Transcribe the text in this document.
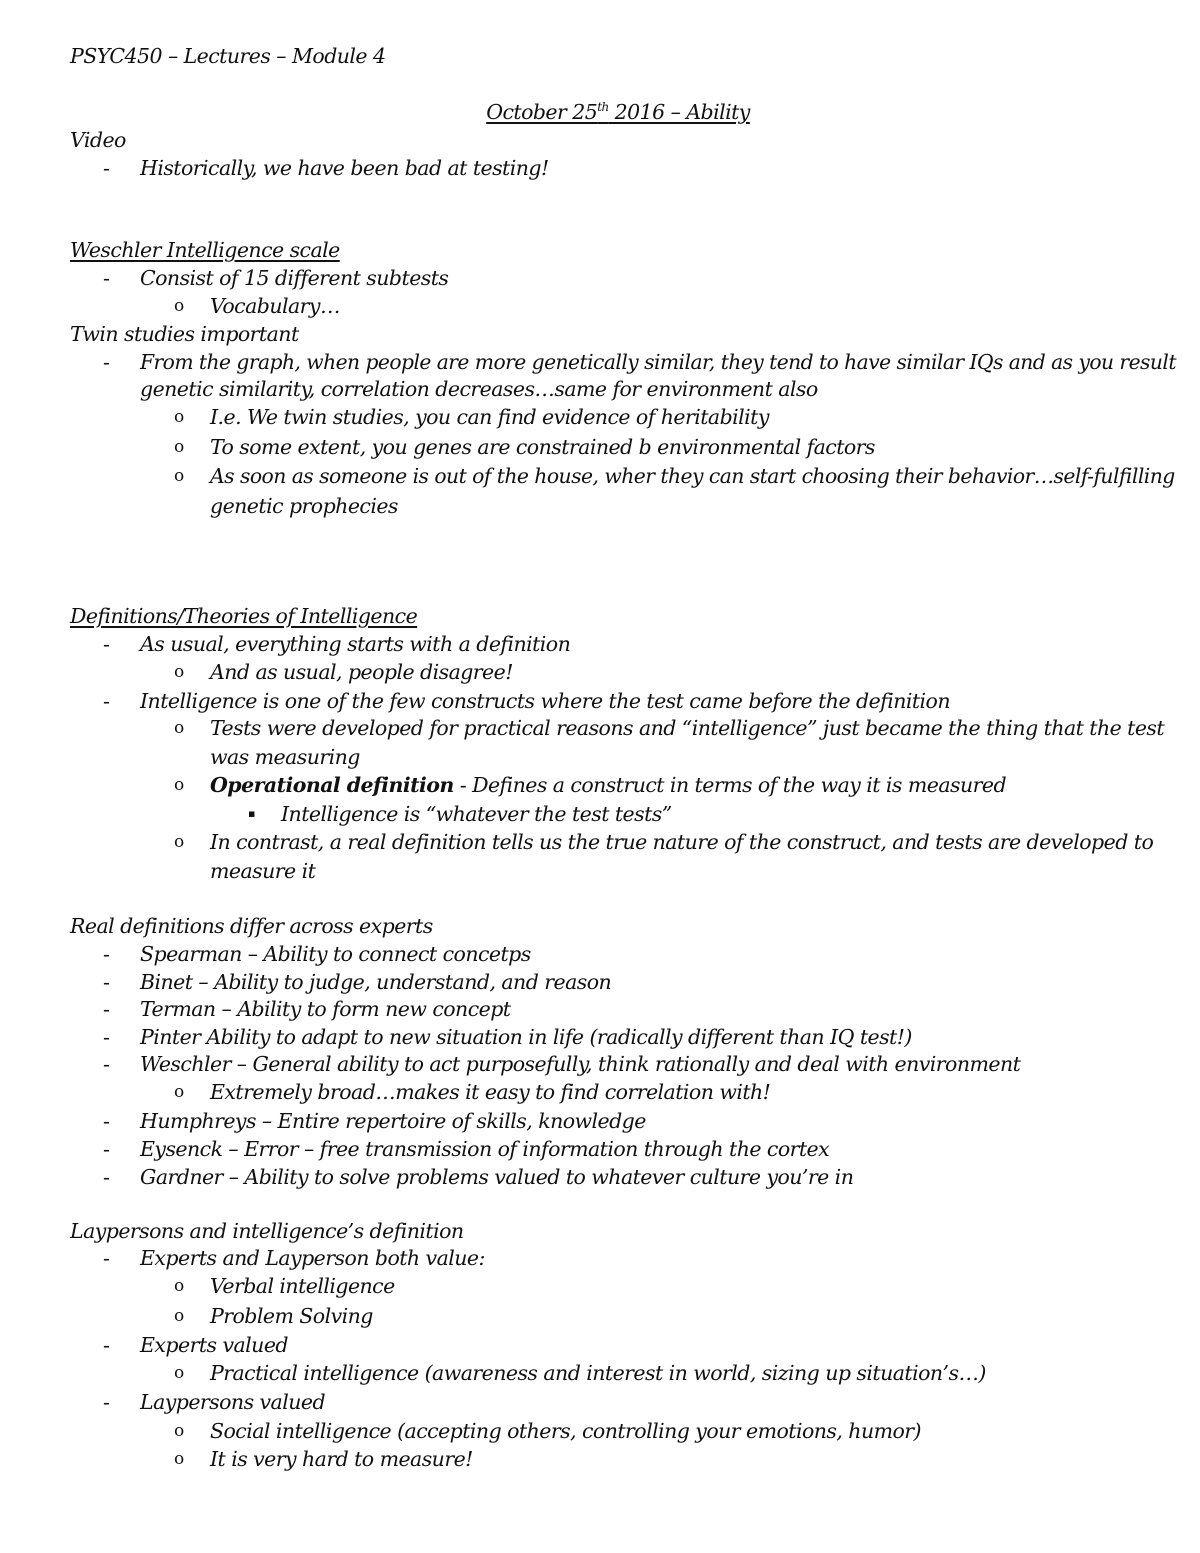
PSYC450 – Lectures – Module 4
October 25th 2016 – Ability
Video
- Historically, we have been bad at testing!
Weschler Intelligence scale
- Consist of 15 different subtests
o Vocabulary…
Twin studies important
- From the graph, when people are more genetically similar, they tend to have similar IQs and as you result
genetic similarity, correlation decreases…same for environment also
o I.e. We twin studies, you can find evidence of heritability
o To some extent, you genes are constrained b environmental factors
o As soon as someone is out of the house, wher they can start choosing their behavior…self-fulfilling
genetic prophecies
Definitions/Theories of Intelligence
- As usual, everything starts with a definition
o And as usual, people disagree!
- Intelligence is one of the few constructs where the test came before the definition
o Tests were developed for practical reasons and “intelligence” just became the thing that the test
was measuring
o Operational definition - Defines a construct in terms of the way it is measured
▪ Intelligence is “whatever the test tests”
o In contrast, a real definition tells us the true nature of the construct, and tests are developed to
measure it
Real definitions differ across experts
- Spearman – Ability to connect concetps
- Binet – Ability to judge, understand, and reason
- Terman – Ability to form new concept
- Pinter Ability to adapt to new situation in life (radically different than IQ test!)
- Weschler – General ability to act purposefully, think rationally and deal with environment
o Extremely broad…makes it easy to find correlation with!
- Humphreys – Entire repertoire of skills, knowledge
- Eysenck – Error – free transmission of information through the cortex
- Gardner – Ability to solve problems valued to whatever culture you’re in
Laypersons and intelligence’s definition
- Experts and Layperson both value:
o Verbal intelligence
o Problem Solving
- Experts valued
o Practical intelligence (awareness and interest in world, sizing up situation’s…)
- Laypersons valued
o Social intelligence (accepting others, controlling your emotions, humor)
o It is very hard to measure!
